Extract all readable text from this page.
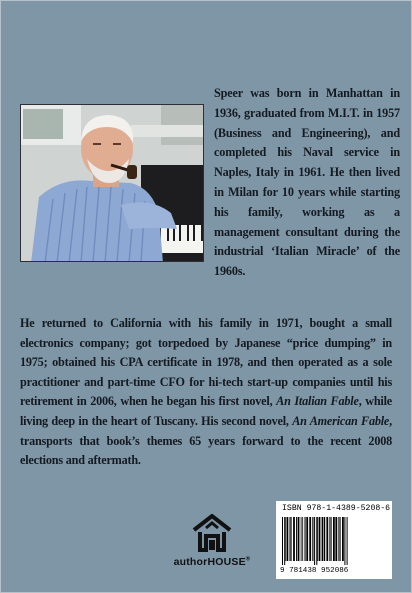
Speer was born in Manhattan in 1936, graduated from M.I.T. in 1957 (Business and Engineering), and completed his Naval service in Naples, Italy in 1961. He then lived in Milan for 10 years while starting his family, working as a management consultant during the industrial ‘Italian Miracle’ of the 1960s.

He returned to California with his family in 1971, bought a small electronics company; got torpedoed by Japanese “price dumping” in 1975; obtained his CPA certificate in 1978, and then operated as a sole practitioner and part-time CFO for hi-tech start-up companies until his retirement in 2006, when he began his first novel, An Italian Fable, while living deep in the heart of Tuscany. His second novel, An American Fable, transports that book’s themes 65 years forward to the recent 2008 elections and aftermath.

authorHOUSE®
ISBN 978-1-4389-5208-6
9 781438 952086
